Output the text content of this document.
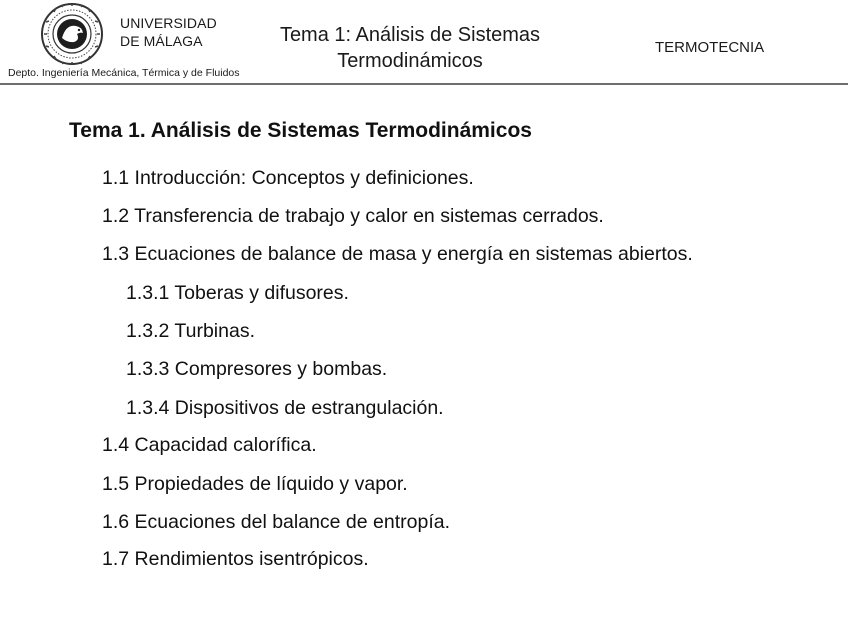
UNIVERSIDAD
DE MÁLAGA
Depto. Ingeniería Mecánica, Térmica y de Fluidos
Tema 1: Análisis de Sistemas
Termodinámicos
TERMOTECNIA
Tema 1. Análisis de Sistemas Termodinámicos
1.1 Introducción: Conceptos y definiciones.
1.2 Transferencia de trabajo y calor en sistemas cerrados.
1.3 Ecuaciones de balance de masa y energía en sistemas abiertos.
1.3.1 Toberas y difusores.
1.3.2 Turbinas.
1.3.3 Compresores y bombas.
1.3.4 Dispositivos de estrangulación.
1.4 Capacidad calorífica.
1.5 Propiedades de líquido y vapor.
1.6 Ecuaciones del balance de entropía.
1.7 Rendimientos isentrópicos.
